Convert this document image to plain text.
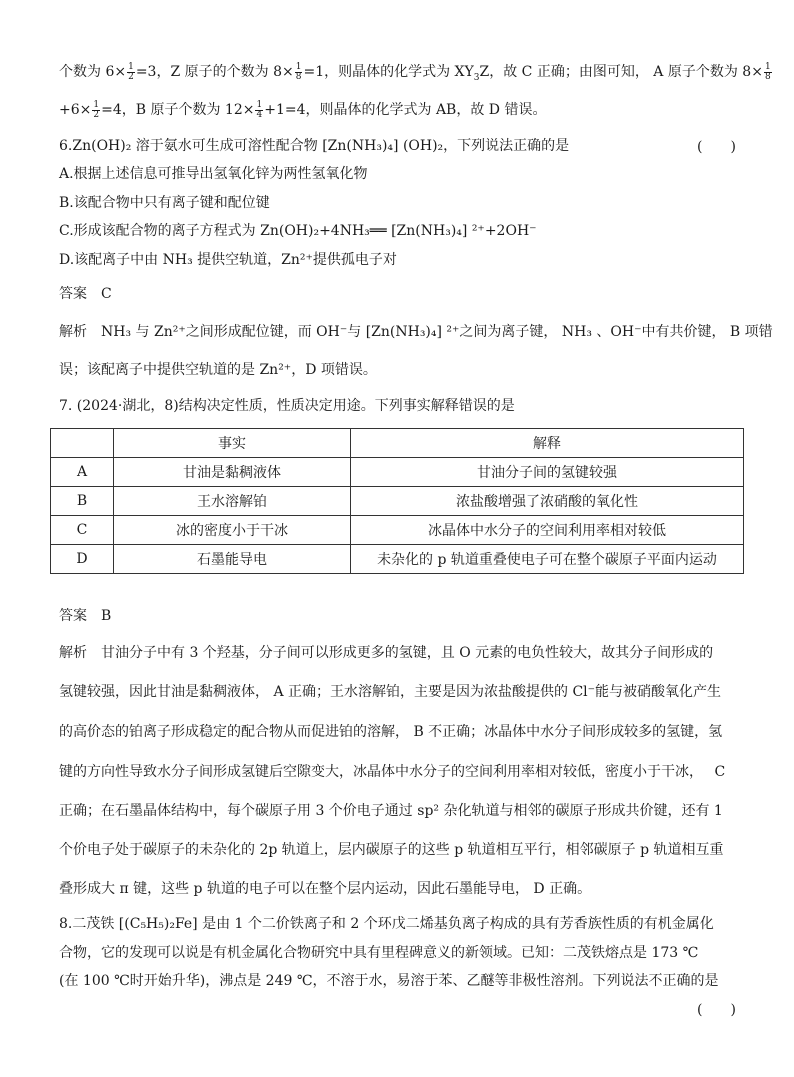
个数为 $6\times \frac{1}{2} =3$，Z 原子的个数为 $8\times \frac{1}{8} =1$，则晶体的化学式为 $XY_3Z$，故 C 正确；由图可知， A 原子个数为 $8\times \frac{1}{8}$
$+6\times \frac{1}{2} =4$，B 原子个数为 $12\times \frac{1}{4} +1=4$，则晶体的化学式为 AB，故 D 错误。
6.Zn(OH)₂ 溶于氨水可生成可溶性配合物 [Zn(NH₃)₄] (OH)₂，下列说法正确的是	(　　)
A.根据上述信息可推导出氢氧化锌为两性氢氧化物
B.该配合物中只有离子键和配位键
C.形成该配合物的离子方程式为 Zn(OH)₂+4NH₃══ [Zn(NH₃)₄] ²⁺+2OH⁻
D.该配离子中由 NH₃ 提供空轨道，Zn²⁺提供孤电子对
答案　C
解析　NH₃ 与 Zn²⁺之间形成配位键，而 OH⁻与 [Zn(NH₃)₄] ²⁺之间为离子键， NH₃ 、OH⁻中有共价键， B 项错
误；该配离子中提供空轨道的是 Zn²⁺，D 项错误。
7. (2024·湖北，8)结构决定性质，性质决定用途。下列事实解释错误的是
	事实	解释
A	甘油是黏稠液体	甘油分子间的氢键较强
B	王水溶解铂	浓盐酸增强了浓硝酸的氧化性
C	冰的密度小于干冰	冰晶体中水分子的空间利用率相对较低
D	石墨能导电	未杂化的 p 轨道重叠使电子可在整个碳原子平面内运动
答案　B
解析　甘油分子中有 3 个羟基，分子间可以形成更多的氢键，且 O 元素的电负性较大，故其分子间形成的
氢键较强，因此甘油是黏稠液体， A 正确；王水溶解铂，主要是因为浓盐酸提供的 Cl⁻能与被硝酸氧化产生
的高价态的铂离子形成稳定的配合物从而促进铂的溶解， B 不正确；冰晶体中水分子间形成较多的氢键，氢
键的方向性导致水分子间形成氢键后空隙变大，冰晶体中水分子的空间利用率相对较低，密度小于干冰，　 C
正确；在石墨晶体结构中，每个碳原子用 3 个价电子通过 sp² 杂化轨道与相邻的碳原子形成共价键，还有 1
个价电子处于碳原子的未杂化的 2p 轨道上，层内碳原子的这些 p 轨道相互平行，相邻碳原子 p 轨道相互重
叠形成大 π 键，这些 p 轨道的电子可以在整个层内运动，因此石墨能导电， D 正确。
8.二茂铁 [(C₅H₅)₂Fe] 是由 1 个二价铁离子和 2 个环戊二烯基负离子构成的具有芳香族性质的有机金属化
合物，它的发现可以说是有机金属化合物研究中具有里程碑意义的新领域。已知：二茂铁熔点是 173 ℃
(在 100 ℃时开始升华)，沸点是 249 ℃，不溶于水，易溶于苯、乙醚等非极性溶剂。下列说法不正确的是
(　　)
